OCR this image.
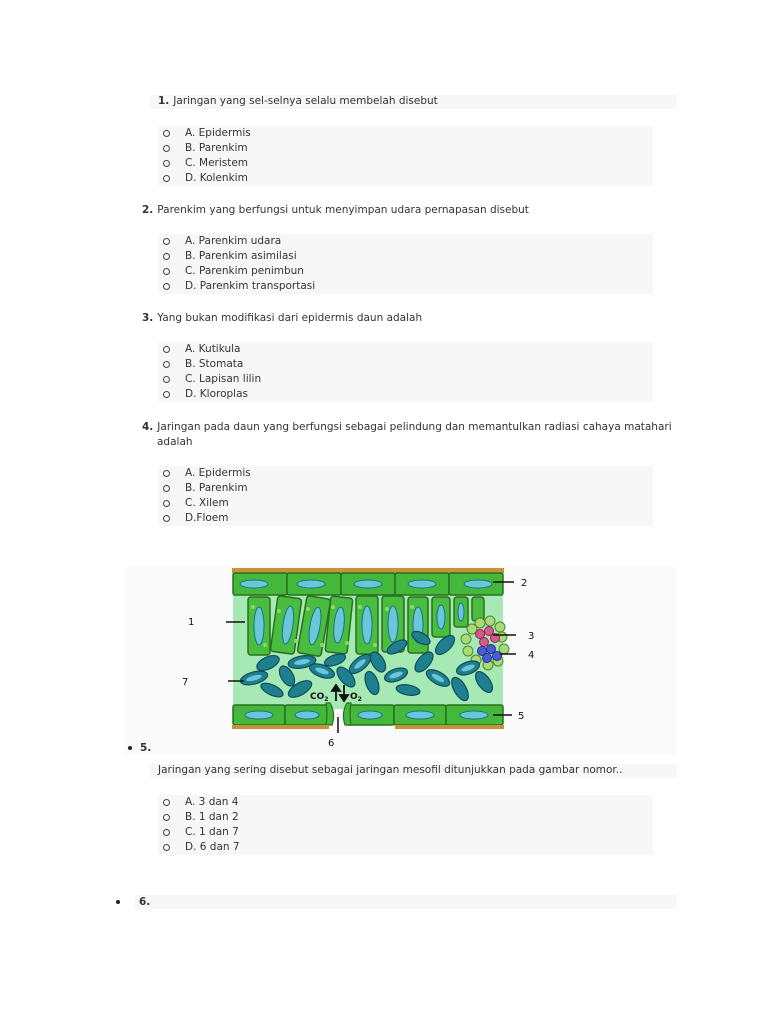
1. Jaringan yang sel-selnya selalu membelah disebut
A. Epidermis
B. Parenkim
C. Meristem
D. Kolenkim
2. Parenkim yang berfungsi untuk menyimpan udara pernapasan disebut
A. Parenkim udara
B. Parenkim asimilasi
C. Parenkim penimbun
D. Parenkim transportasi
3. Yang bukan modifikasi dari epidermis daun adalah
A. Kutikula
B. Stomata
C. Lapisan lilin
D. Kloroplas
4. Jaringan pada daun yang berfungsi sebagai pelindung dan memantulkan radiasi cahaya matahari
adalah
A. Epidermis
B. Parenkim
C. Xilem
D.Floem
$CO_2$ $O_2$
1
2
3
4
5
6
7
5.
Jaringan yang sering disebut sebagai jaringan mesofil ditunjukkan pada gambar nomor..
A. 3 dan 4
B. 1 dan 2
C. 1 dan 7
D. 6 dan 7
6.
